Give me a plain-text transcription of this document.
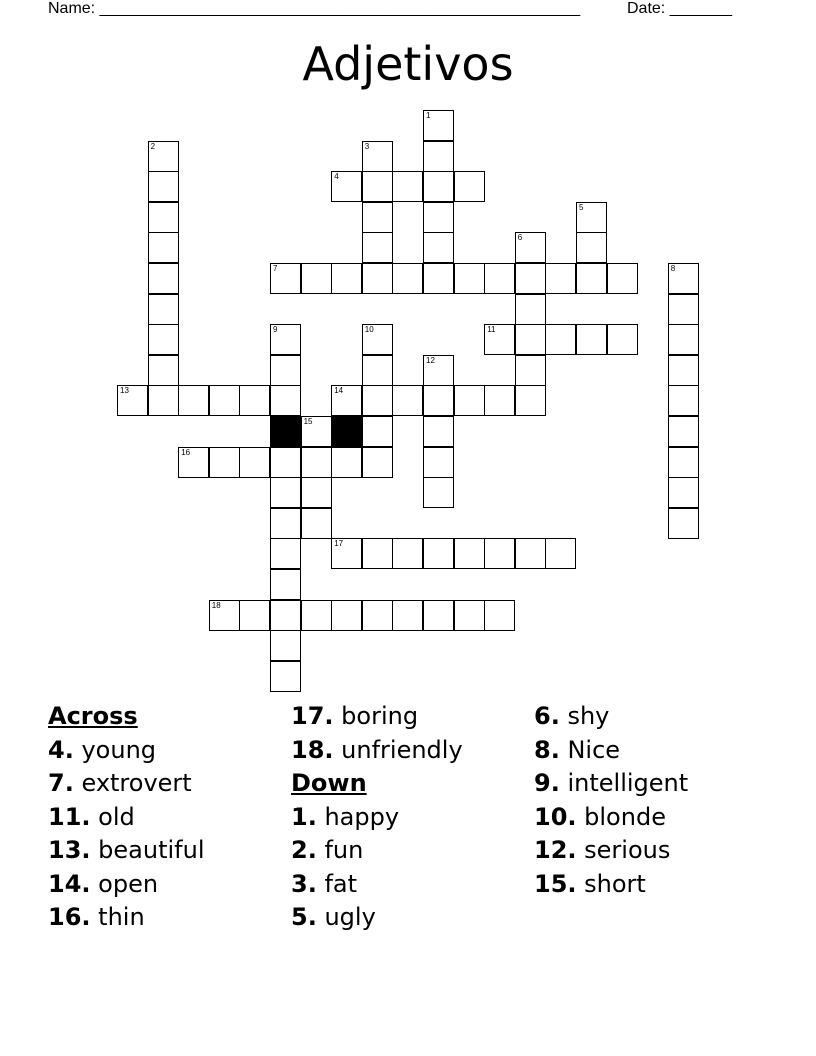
Name: ______________________________________________________	Date: _______
Adjetivos
1
2	3
4
5
6
7	8
9	10	11
12
13	14
15
16
17
18
Across
4. young
7. extrovert
11. old
13. beautiful
14. open
16. thin
17. boring
18. unfriendly
Down
1. happy
2. fun
3. fat
5. ugly
6. shy
8. Nice
9. intelligent
10. blonde
12. serious
15. short
